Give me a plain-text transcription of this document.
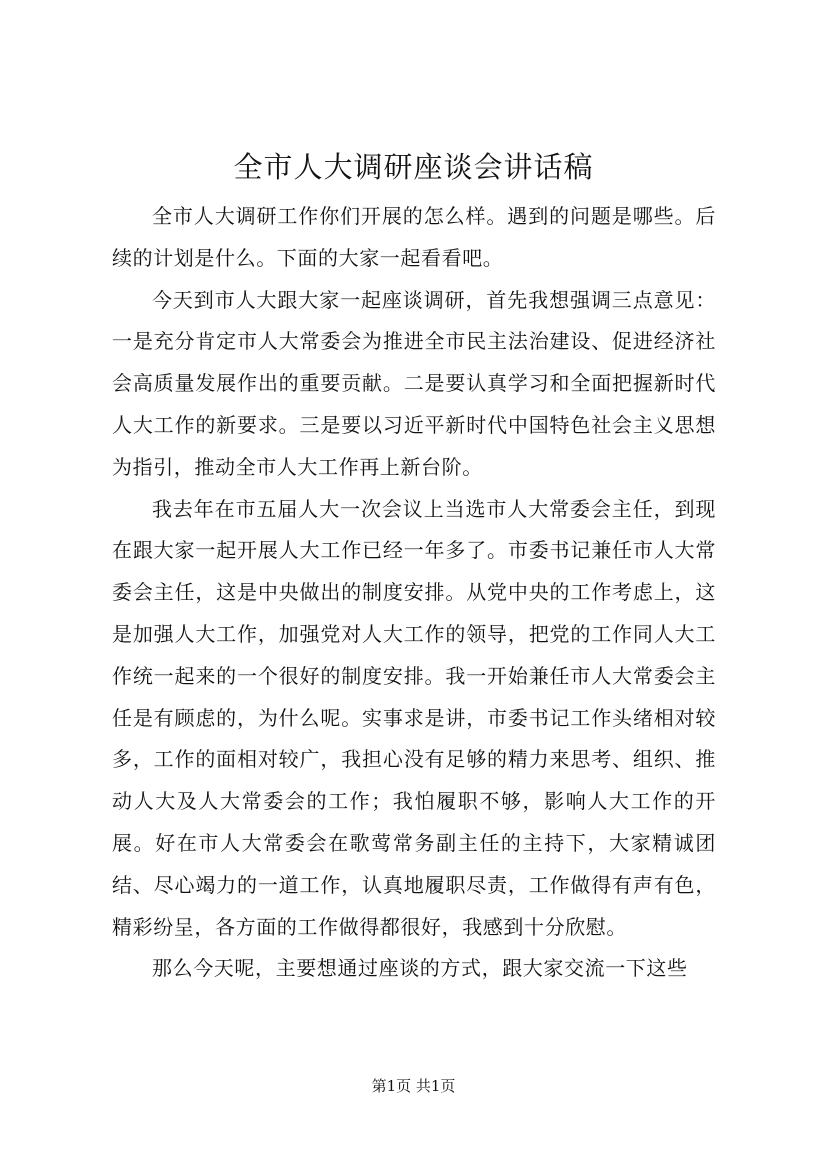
全市人大调研座谈会讲话稿

全市人大调研工作你们开展的怎么样。遇到的问题是哪些。后续的计划是什么。下面的大家一起看看吧。

今天到市人大跟大家一起座谈调研，首先我想强调三点意见：一是充分肯定市人大常委会为推进全市民主法治建设、促进经济社会高质量发展作出的重要贡献。二是要认真学习和全面把握新时代人大工作的新要求。三是要以习近平新时代中国特色社会主义思想为指引，推动全市人大工作再上新台阶。

我去年在市五届人大一次会议上当选市人大常委会主任，到现在跟大家一起开展人大工作已经一年多了。市委书记兼任市人大常委会主任，这是中央做出的制度安排。从党中央的工作考虑上，这是加强人大工作，加强党对人大工作的领导，把党的工作同人大工作统一起来的一个很好的制度安排。我一开始兼任市人大常委会主任是有顾虑的，为什么呢。实事求是讲，市委书记工作头绪相对较多，工作的面相对较广，我担心没有足够的精力来思考、组织、推动人大及人大常委会的工作；我怕履职不够，影响人大工作的开展。好在市人大常委会在歌莺常务副主任的主持下，大家精诚团结、尽心竭力的一道工作，认真地履职尽责，工作做得有声有色，精彩纷呈，各方面的工作做得都很好，我感到十分欣慰。

那么今天呢，主要想通过座谈的方式，跟大家交流一下这些

第1页 共1页
